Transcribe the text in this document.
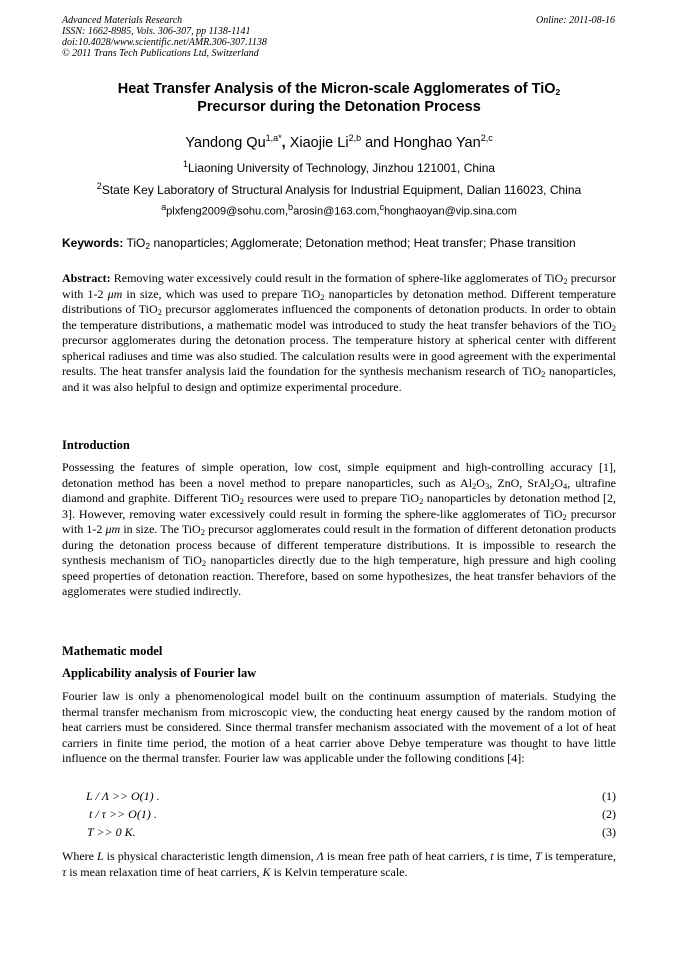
Advanced Materials Research
ISSN: 1662-8985, Vols. 306-307, pp 1138-1141
doi:10.4028/www.scientific.net/AMR.306-307.1138
© 2011 Trans Tech Publications Ltd, Switzerland
Online: 2011-08-16
Heat Transfer Analysis of the Micron-scale Agglomerates of TiO$_2$
Precursor during the Detonation Process
Yandong $Qu^{1,a*}$, Xiaojie Li$^{2,b}$ and Honghao Yan$^{2,c}$
$^1$Liaoning University of Technology, Jinzhou 121001, China
$^2$State Key Laboratory of Structural Analysis for Industrial Equipment, Dalian 116023, China
$^a$plxfeng2009@sohu.com,$^b$arosin@163.com,$^c$honghaoyan@vip.sina.com
Keywords: TiO$_2$ nanoparticles; Agglomerate; Detonation method; Heat transfer; Phase transition
Abstract: Removing water excessively could result in the formation of sphere-like agglomerates of TiO$_2$ precursor with 1-2 μm in size, which was used to prepare TiO$_2$ nanoparticles by detonation method. Different temperature distributions of TiO$_2$ precursor agglomerates influenced the components of detonation products. In order to obtain the temperature distributions, a mathematic model was introduced to study the heat transfer behaviors of the TiO$_2$ precursor agglomerates during the detonation process. The temperature history at spherical center with different spherical radiuses and time was also studied. The calculation results were in good agreement with the experimental results. The heat transfer analysis laid the foundation for the synthesis mechanism research of TiO$_2$ nanoparticles, and it was also helpful to design and optimize experimental procedure.
Introduction
Possessing the features of simple operation, low cost, simple equipment and high-controlling accuracy [1], detonation method has been a novel method to prepare nanoparticles, such as $Al_2O_3$, ZnO, $SrAl_2O_4$, ultrafine diamond and graphite. Different TiO$_2$ resources were used to prepare TiO$_2$ nanoparticles by detonation method [2, 3]. However, removing water excessively could result in forming the sphere-like agglomerates of TiO$_2$ precursor with 1-2 μm in size. The TiO$_2$ precursor agglomerates could result in the formation of different detonation products during the detonation process because of different temperature distributions. It is impossible to research the synthesis mechanism of TiO$_2$ nanoparticles directly due to the high temperature, high pressure and high cooling speed properties of detonation reaction. Therefore, based on some hypothesizes, the heat transfer behaviors of the agglomerates were studied indirectly.
Mathematic model
Applicability analysis of Fourier law
Fourier law is only a phenomenological model built on the continuum assumption of materials. Studying the thermal transfer mechanism from microscopic view, the conducting heat energy caused by the random motion of heat carriers must be considered. Since thermal transfer mechanism associated with the movement of a lot of heat carriers in finite time period, the motion of a heat carrier above Debye temperature was thought to have little influence on the thermal transfer. Fourier law was applicable under the following conditions [4]:
L / Λ >> O(1) .	(1)
t / τ >> O(1) .	(2)
T >> 0 K.	(3)
Where L is physical characteristic length dimension, Λ is mean free path of heat carriers, t is time, T is temperature, τ is mean relaxation time of heat carriers, K is Kelvin temperature scale.
